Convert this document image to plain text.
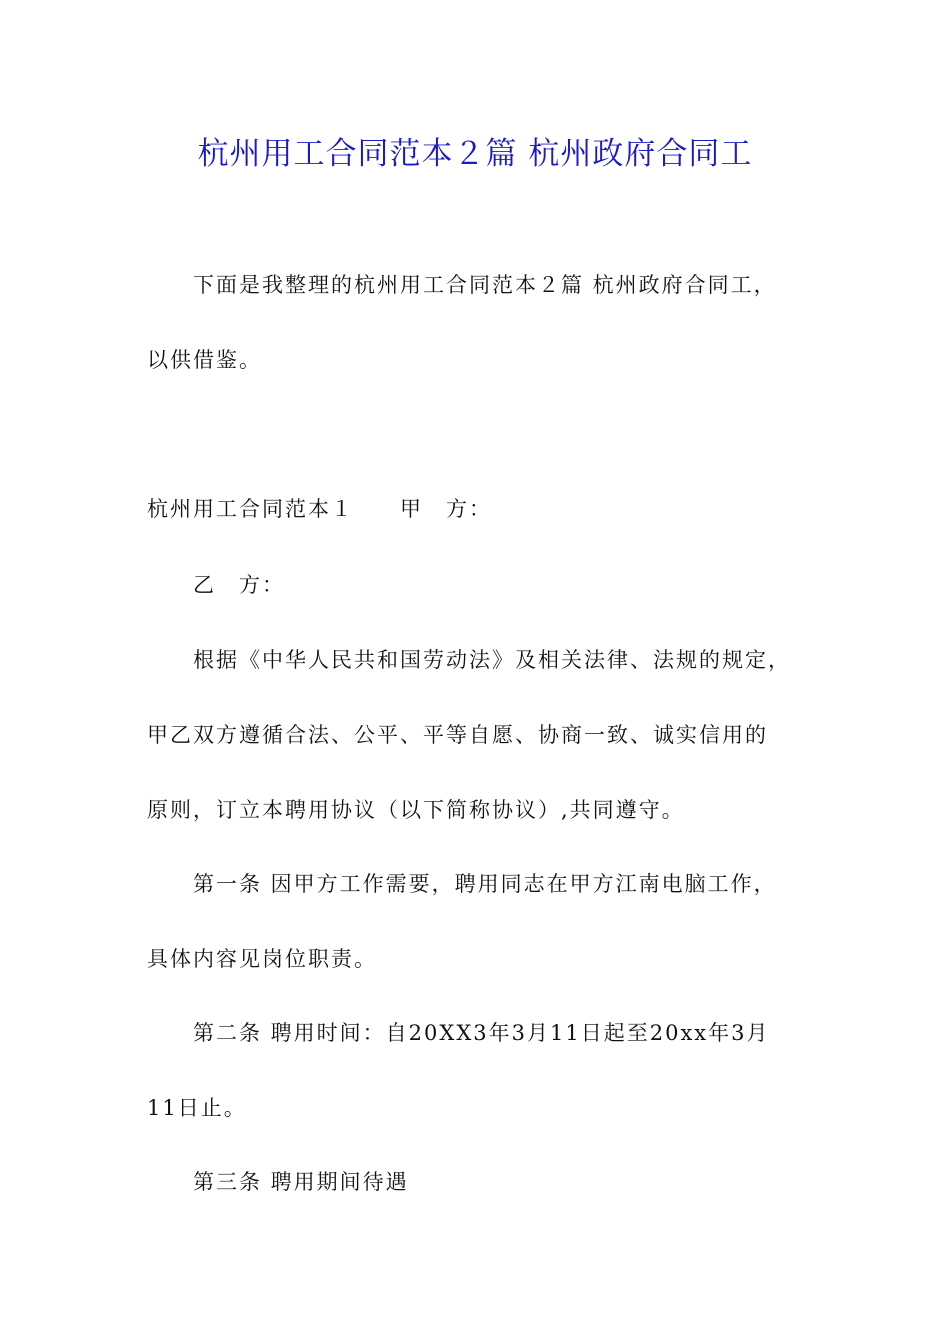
杭州用工合同范本２篇 杭州政府合同工
下面是我整理的杭州用工合同范本２篇 杭州政府合同工，
以供借鉴。
杭州用工合同范本１　　甲　方：
乙　方：
根据《中华人民共和国劳动法》及相关法律、法规的规定，
甲乙双方遵循合法、公平、平等自愿、协商一致、诚实信用的
原则，订立本聘用协议（以下简称协议）,共同遵守。
第一条 因甲方工作需要，聘用同志在甲方江南电脑工作，
具体内容见岗位职责。
第二条 聘用时间：自20XX3年3月11日起至20xx年3月
11日止。
第三条 聘用期间待遇
